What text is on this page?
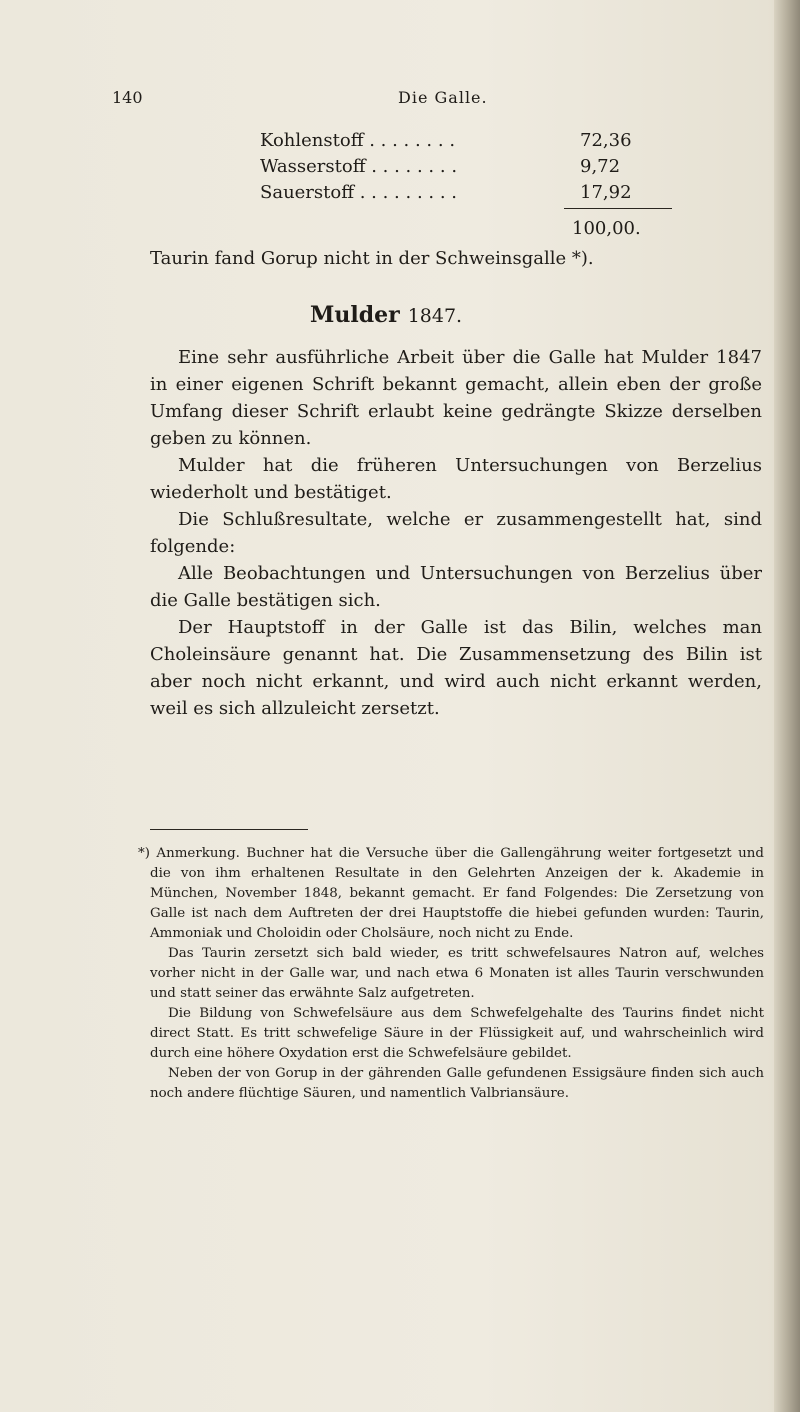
140	Die Galle.
Kohlenstoff . . . . . . . .	72,36
Wasserstoff . . . . . . . .	9,72
Sauerstoff . . . . . . . . .	17,92
100,00.
Taurin fand Gorup nicht in der Schweinsgalle *).
Mulder 1847.

Eine sehr ausführliche Arbeit über die Galle hat Mulder 1847 in einer eigenen Schrift bekannt gemacht, allein eben der große Umfang dieser Schrift erlaubt keine gedrängte Skizze derselben geben zu können.

Mulder hat die früheren Untersuchungen von Berzelius wiederholt und bestätiget.

Die Schlußresultate, welche er zusammengestellt hat, sind folgende:

Alle Beobachtungen und Untersuchungen von Berzelius über die Galle bestätigen sich.

Der Hauptstoff in der Galle ist das Bilin, welches man Choleinsäure genannt hat. Die Zusammensetzung des Bilin ist aber noch nicht erkannt, und wird auch nicht erkannt werden, weil es sich allzuleicht zersetzt.

*) Anmerkung. Buchner hat die Versuche über die Gallengährung weiter fortgesetzt und die von ihm erhaltenen Resultate in den Gelehrten Anzeigen der k. Akademie in München, November 1848, bekannt gemacht. Er fand Folgendes: Die Zersetzung von Galle ist nach dem Auftreten der drei Hauptstoffe die hiebei gefunden wurden: Taurin, Ammoniak und Choloidin oder Cholsäure, noch nicht zu Ende.

Das Taurin zersetzt sich bald wieder, es tritt schwefelsaures Natron auf, welches vorher nicht in der Galle war, und nach etwa 6 Monaten ist alles Taurin verschwunden und statt seiner das erwähnte Salz aufgetreten.

Die Bildung von Schwefelsäure aus dem Schwefelgehalte des Taurins findet nicht direct Statt. Es tritt schwefelige Säure in der Flüssigkeit auf, und wahrscheinlich wird durch eine höhere Oxydation erst die Schwefelsäure gebildet.

Neben der von Gorup in der gährenden Galle gefundenen Essigsäure finden sich auch noch andere flüchtige Säuren, und namentlich Valbriansäure.
